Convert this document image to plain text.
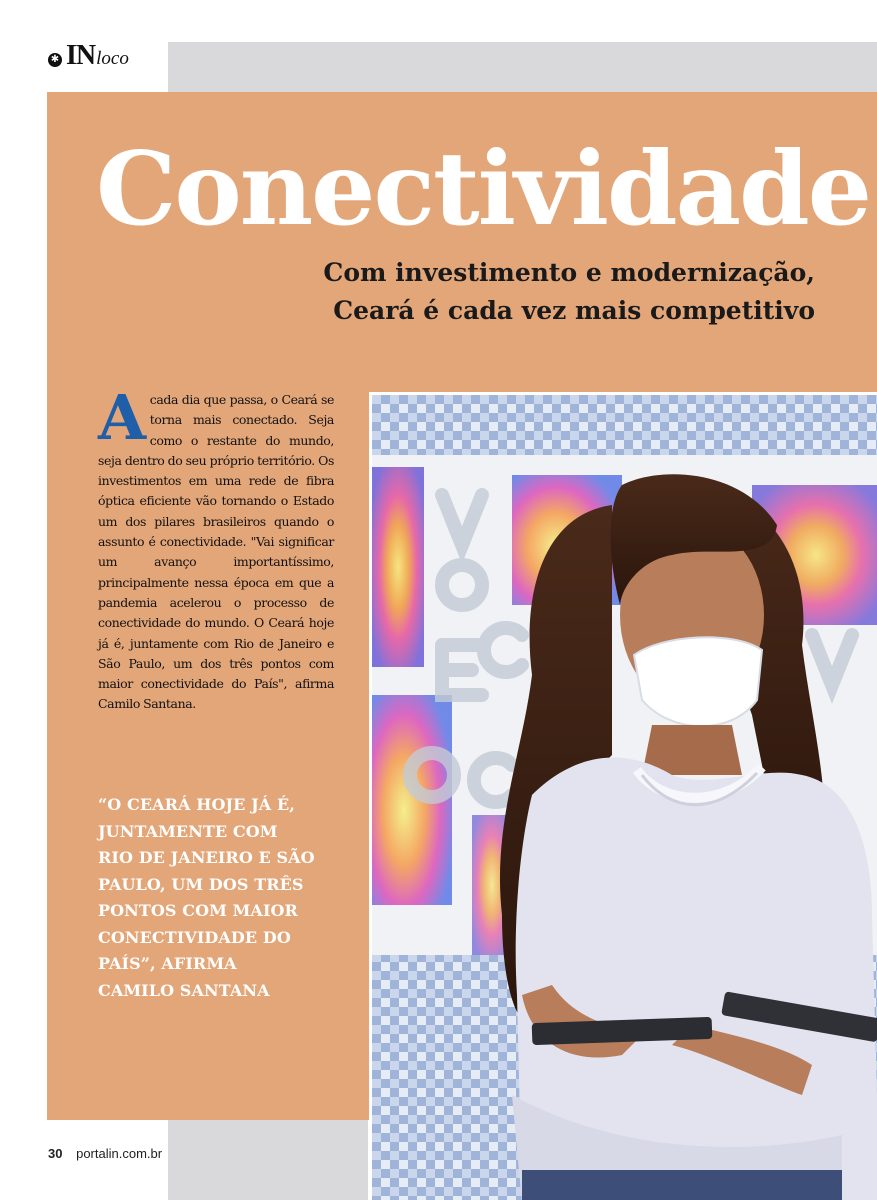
✱ IN loco
Conectividade

Com investimento e modernização,
Ceará é cada vez mais competitivo

A cada dia que passa, o Ceará se torna mais conectado. Seja como o restante do mundo, seja dentro do seu próprio território. Os investimentos em uma rede de fibra óptica eficiente vão tornando o Estado um dos pilares brasileiros quando o assunto é conectividade. "Vai significar um avanço importantíssimo, principalmente nessa época em que a pandemia acelerou o processo de conectividade do mundo. O Ceará hoje já é, juntamente com Rio de Janeiro e São Paulo, um dos três pontos com maior conectividade do País", afirma Camilo Santana.

“O CEARÁ HOJE JÁ É, JUNTAMENTE COM RIO DE JANEIRO E SÃO PAULO, UM DOS TRÊS PONTOS COM MAIOR CONECTIVIDADE DO PAÍS”, AFIRMA CAMILO SANTANA

30 portalin.com.br
